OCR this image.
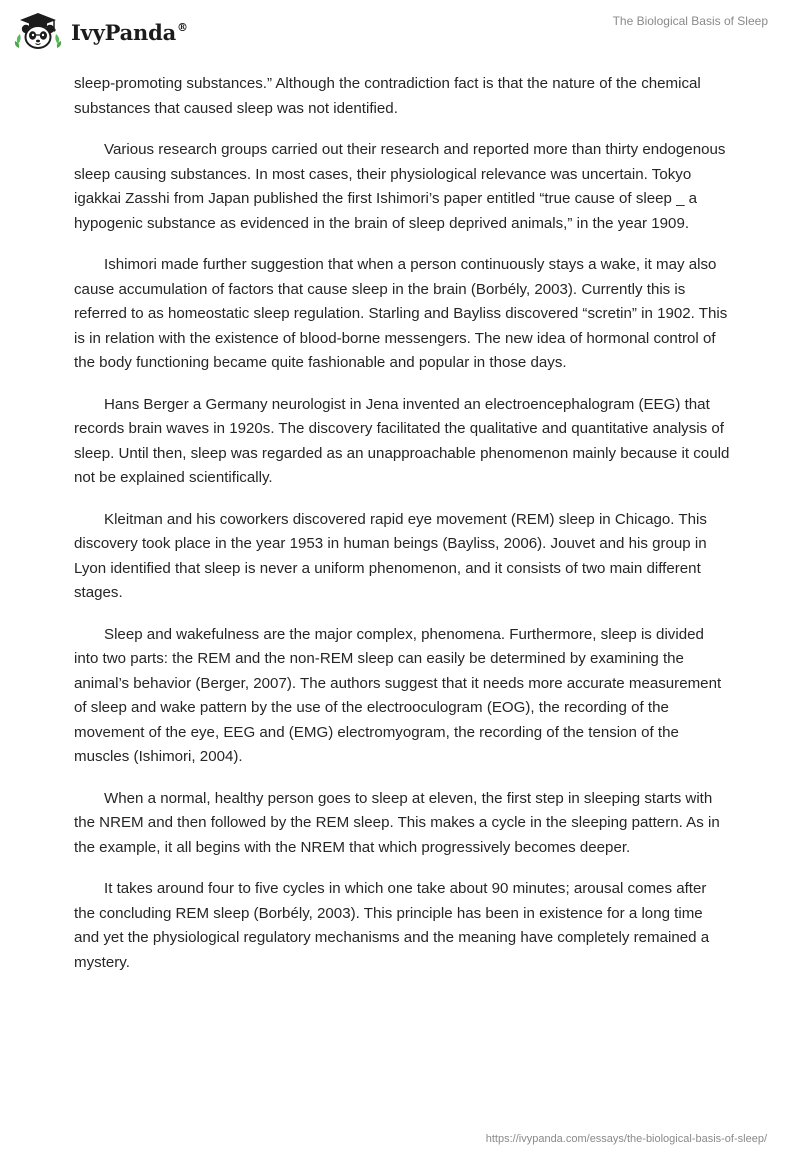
IvyPanda®	The Biological Basis of Sleep

sleep-promoting substances.” Although the contradiction fact is that the nature of the chemical substances that caused sleep was not identified.

Various research groups carried out their research and reported more than thirty endogenous sleep causing substances. In most cases, their physiological relevance was uncertain. Tokyo igakkai Zasshi from Japan published the first Ishimori’s paper entitled “true cause of sleep _ a hypogenic substance as evidenced in the brain of sleep deprived animals,” in the year 1909.

Ishimori made further suggestion that when a person continuously stays a wake, it may also cause accumulation of factors that cause sleep in the brain (Borbély, 2003). Currently this is referred to as homeostatic sleep regulation. Starling and Bayliss discovered “scretin” in 1902. This is in relation with the existence of blood-borne messengers. The new idea of hormonal control of the body functioning became quite fashionable and popular in those days.

Hans Berger a Germany neurologist in Jena invented an electroencephalogram (EEG) that records brain waves in 1920s. The discovery facilitated the qualitative and quantitative analysis of sleep. Until then, sleep was regarded as an unapproachable phenomenon mainly because it could not be explained scientifically.

Kleitman and his coworkers discovered rapid eye movement (REM) sleep in Chicago. This discovery took place in the year 1953 in human beings (Bayliss, 2006). Jouvet and his group in Lyon identified that sleep is never a uniform phenomenon, and it consists of two main different stages.

Sleep and wakefulness are the major complex, phenomena. Furthermore, sleep is divided into two parts: the REM and the non-REM sleep can easily be determined by examining the animal’s behavior (Berger, 2007). The authors suggest that it needs more accurate measurement of sleep and wake pattern by the use of the electrooculogram (EOG), the recording of the movement of the eye, EEG and (EMG) electromyogram, the recording of the tension of the muscles (Ishimori, 2004).

When a normal, healthy person goes to sleep at eleven, the first step in sleeping starts with the NREM and then followed by the REM sleep. This makes a cycle in the sleeping pattern. As in the example, it all begins with the NREM that which progressively becomes deeper.

It takes around four to five cycles in which one take about 90 minutes; arousal comes after the concluding REM sleep (Borbély, 2003). This principle has been in existence for a long time and yet the physiological regulatory mechanisms and the meaning have completely remained a mystery.

https://ivypanda.com/essays/the-biological-basis-of-sleep/
